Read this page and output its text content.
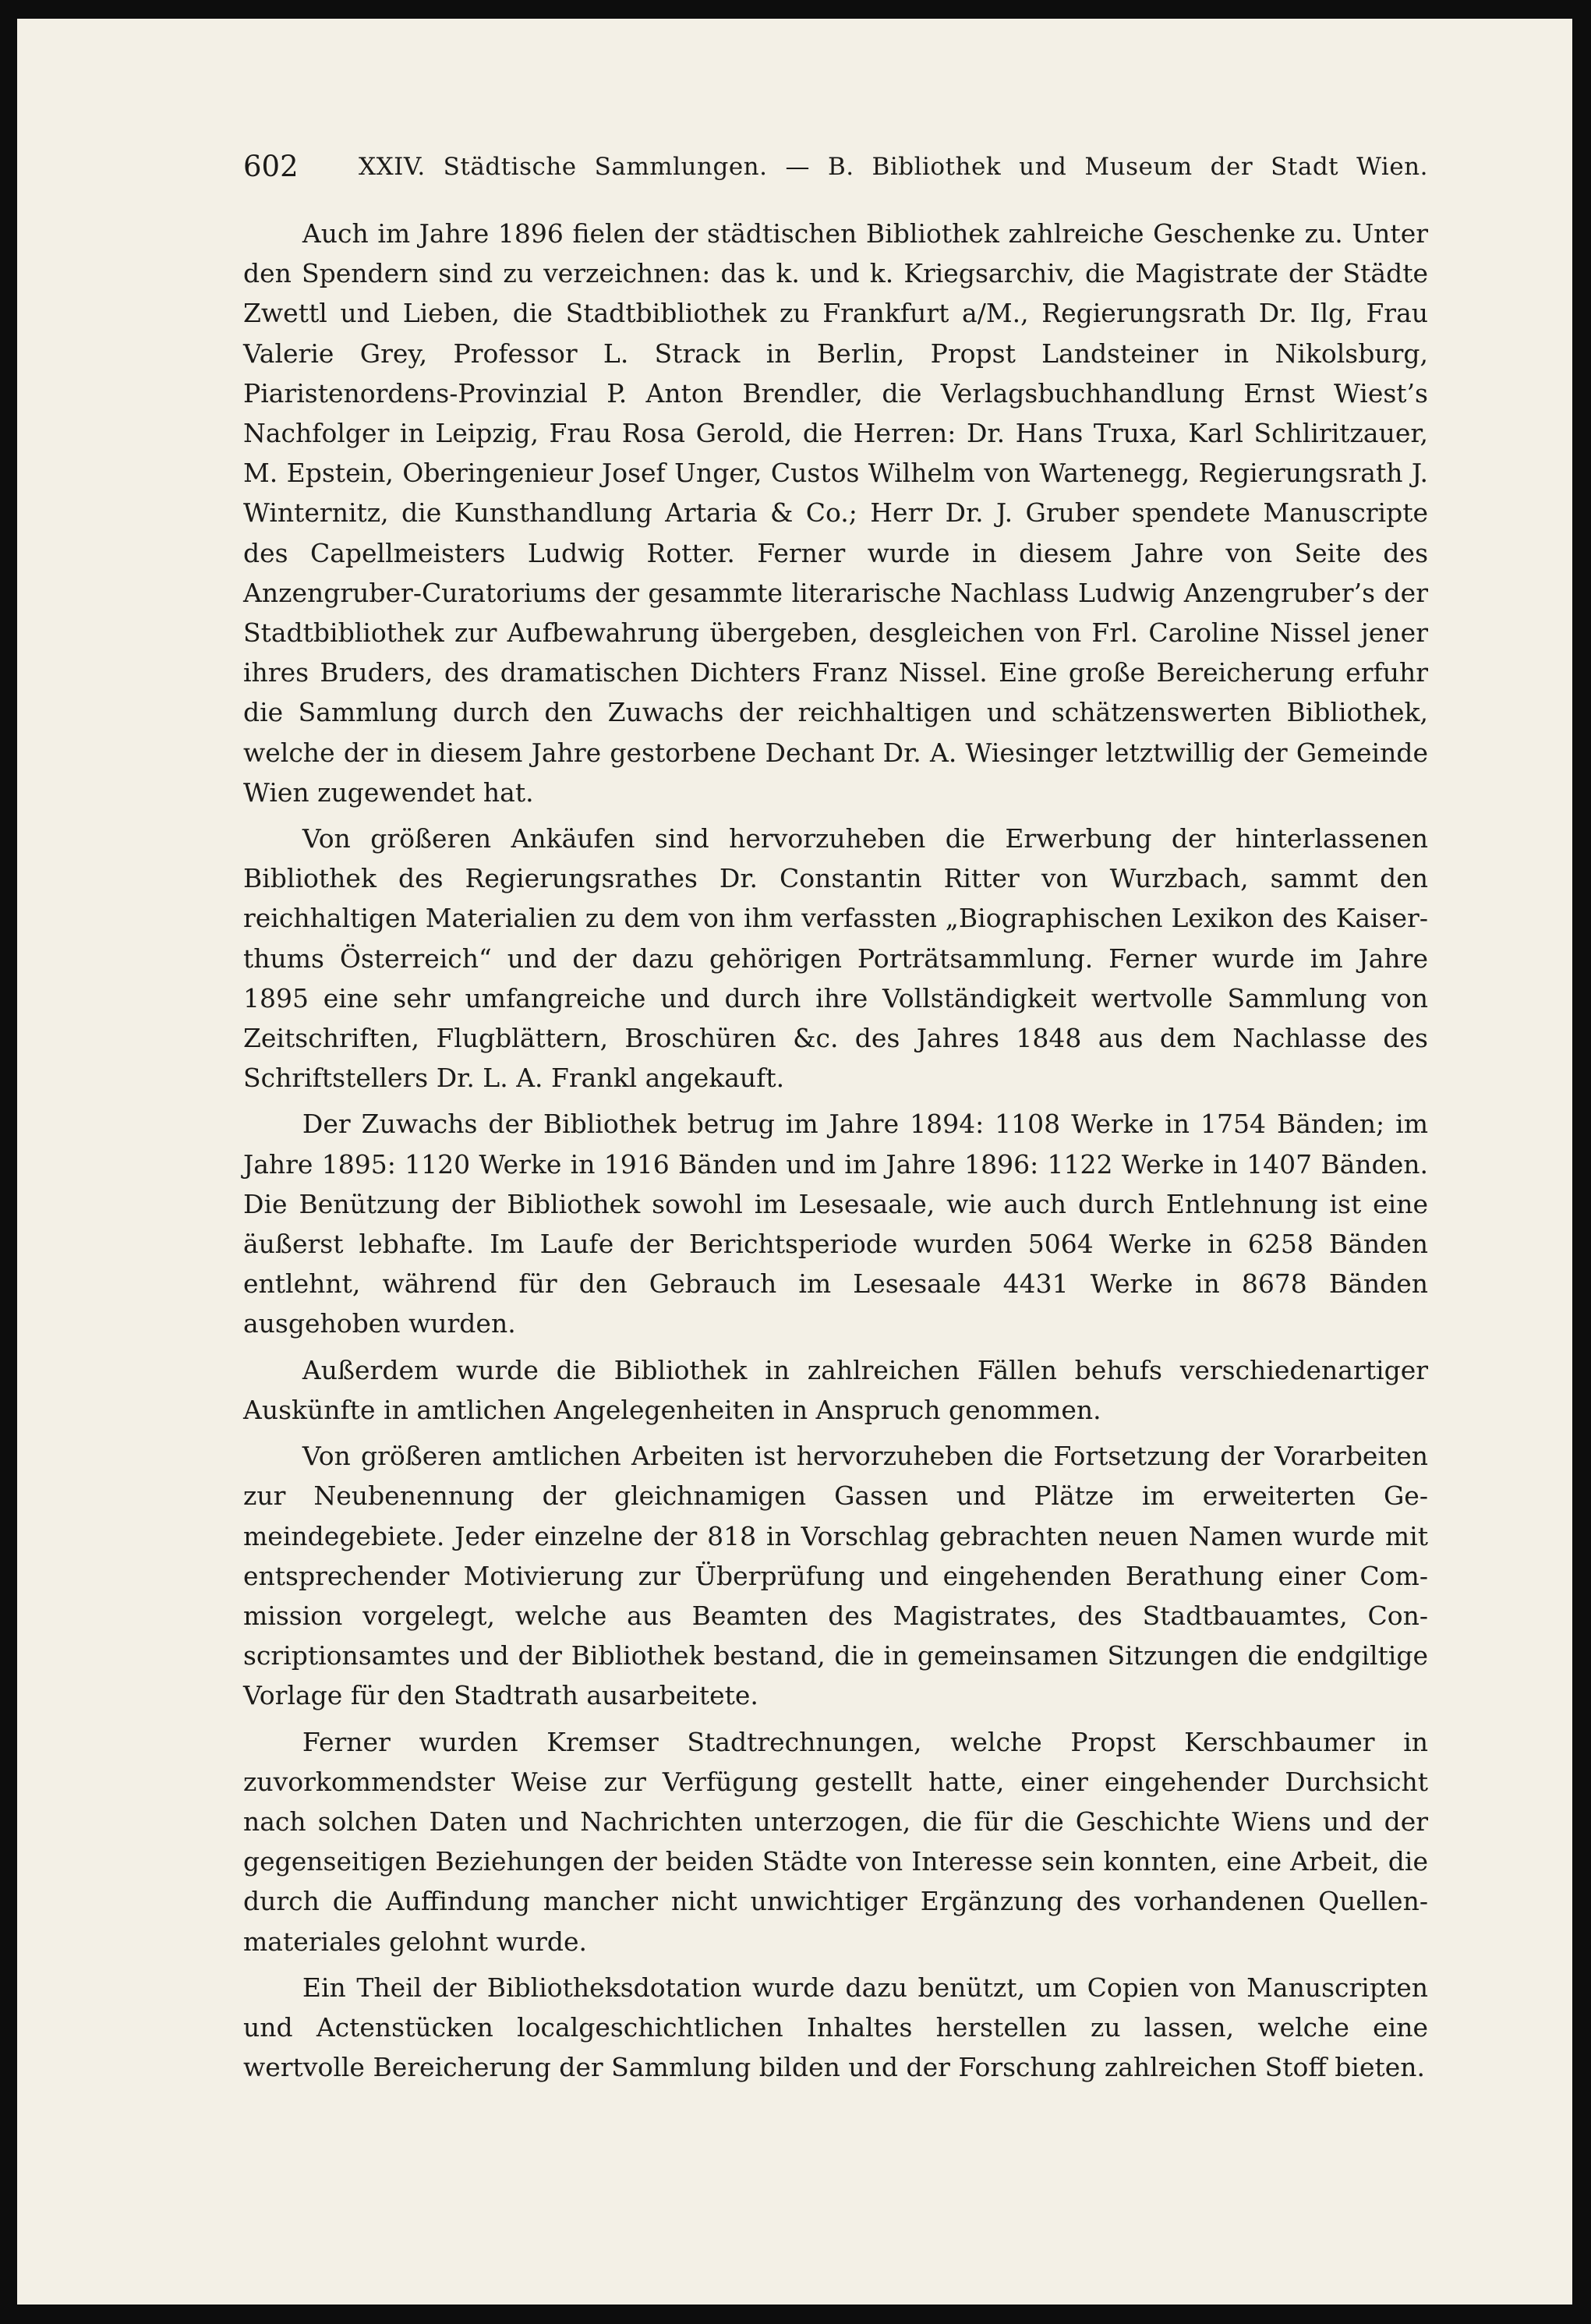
602 XXIV. Städtische Sammlungen. — B. Bibliothek und Museum der Stadt Wien.

Auch im Jahre 1896 fielen der städtischen Bibliothek zahlreiche Geschenke zu. Unter den Spendern sind zu verzeichnen: das k. und k. Kriegsarchiv, die Magistrate der Städte Zwettl und Lieben, die Stadtbibliothek zu Frankfurt a/M., Regierungsrath Dr. Ilg, Frau Valerie Grey, Professor L. Strack in Berlin, Propst Landsteiner in Nikolsburg, Piaristenordens-Provinzial P. Anton Brendler, die Verlagsbuchhandlung Ernst Wiest’s Nachfolger in Leipzig, Frau Rosa Gerold, die Herren: Dr. Hans Truxa, Karl Schliritzauer, M. Epstein, Oberingenieur Josef Unger, Custos Wilhelm von Wartenegg, Regierungsrath J. Winternitz, die Kunsthandlung Artaria & Co.; Herr Dr. J. Gruber spendete Manuscripte des Capellmeisters Ludwig Rotter. Ferner wurde in diesem Jahre von Seite des Anzengruber-Curatoriums der gesammte literarische Nachlass Ludwig Anzengruber’s der Stadtbibliothek zur Aufbewahrung übergeben, desgleichen von Frl. Caroline Nissel jener ihres Bruders, des dramatischen Dichters Franz Nissel. Eine große Bereicherung erfuhr die Sammlung durch den Zuwachs der reichhaltigen und schätzenswerten Bibliothek, welche der in diesem Jahre gestorbene Dechant Dr. A. Wiesinger letztwillig der Gemeinde Wien zugewendet hat.

Von größeren Ankäufen sind hervorzuheben die Erwerbung der hinterlassenen Bibliothek des Regierungsrathes Dr. Constantin Ritter von Wurzbach, sammt den reichhaltigen Materialien zu dem von ihm verfassten „Biographischen Lexikon des Kaiserthums Österreich“ und der dazu gehörigen Porträtsammlung. Ferner wurde im Jahre 1895 eine sehr umfangreiche und durch ihre Vollständigkeit wertvolle Sammlung von Zeitschriften, Flugblättern, Broschüren &c. des Jahres 1848 aus dem Nachlasse des Schriftstellers Dr. L. A. Frankl angekauft.

Der Zuwachs der Bibliothek betrug im Jahre 1894: 1108 Werke in 1754 Bänden; im Jahre 1895: 1120 Werke in 1916 Bänden und im Jahre 1896: 1122 Werke in 1407 Bänden. Die Benützung der Bibliothek sowohl im Lesesaale, wie auch durch Entlehnung ist eine äußerst lebhafte. Im Laufe der Berichtsperiode wurden 5064 Werke in 6258 Bänden entlehnt, während für den Gebrauch im Lesesaale 4431 Werke in 8678 Bänden ausgehoben wurden.

Außerdem wurde die Bibliothek in zahlreichen Fällen behufs verschiedenartiger Auskünfte in amtlichen Angelegenheiten in Anspruch genommen.

Von größeren amtlichen Arbeiten ist hervorzuheben die Fortsetzung der Vorarbeiten zur Neubenennung der gleichnamigen Gassen und Plätze im erweiterten Gemeindegebiete. Jeder einzelne der 818 in Vorschlag gebrachten neuen Namen wurde mit entsprechender Motivierung zur Überprüfung und eingehenden Berathung einer Commission vorgelegt, welche aus Beamten des Magistrates, des Stadtbauamtes, Conscriptionsamtes und der Bibliothek bestand, die in gemeinsamen Sitzungen die endgiltige Vorlage für den Stadtrath ausarbeitete.

Ferner wurden Kremser Stadtrechnungen, welche Propst Kerschbaumer in zuvorkommendster Weise zur Verfügung gestellt hatte, einer eingehender Durchsicht nach solchen Daten und Nachrichten unterzogen, die für die Geschichte Wiens und der gegenseitigen Beziehungen der beiden Städte von Interesse sein konnten, eine Arbeit, die durch die Auffindung mancher nicht unwichtiger Ergänzung des vorhandenen Quellenmateriales gelohnt wurde.

Ein Theil der Bibliotheksdotation wurde dazu benützt, um Copien von Manuscripten und Actenstücken localgeschichtlichen Inhaltes herstellen zu lassen, welche eine wertvolle Bereicherung der Sammlung bilden und der Forschung zahlreichen Stoff bieten.
